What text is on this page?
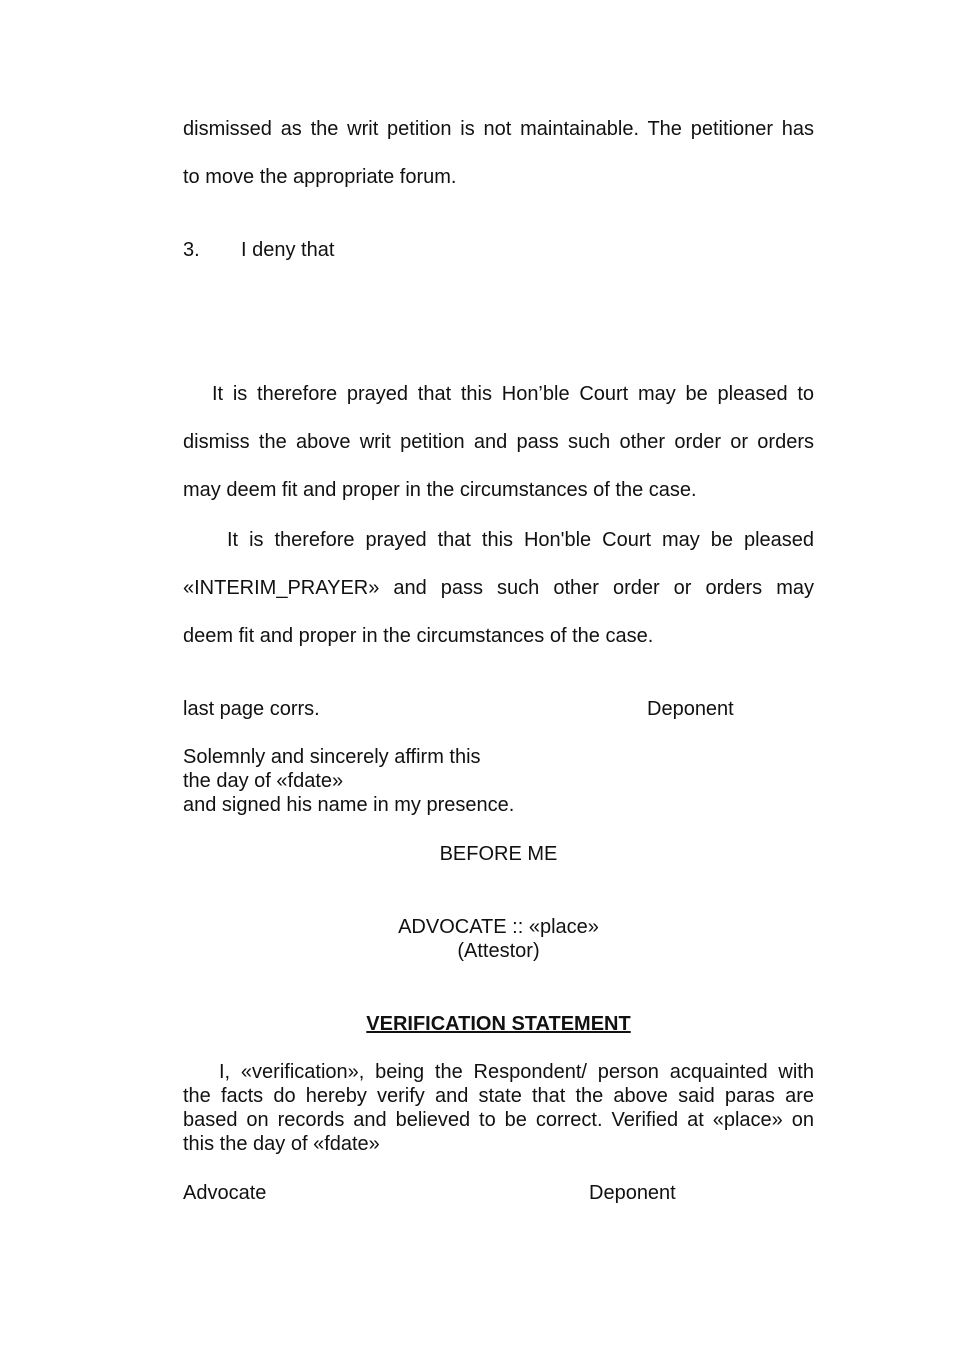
dismissed as the writ petition is not maintainable. The petitioner has
to move the appropriate forum.

3. I deny that

It is therefore prayed that this Hon’ble Court may be pleased to
dismiss the above writ petition and pass such other order or orders
may deem fit and proper in the circumstances of the case.
It is therefore prayed that this Hon'ble Court may be pleased
«INTERIM_PRAYER» and pass such other order or orders may
deem fit and proper in the circumstances of the case.

last page corrs.	Deponent

Solemnly and sincerely affirm this
the day of «fdate»
and signed his name in my presence.

BEFORE ME

ADVOCATE :: «place»

(Attestor)

VERIFICATION STATEMENT

I, «verification», being the Respondent/ person acquainted with
the facts do hereby verify and state that the above said paras are
based on records and believed to be correct. Verified at «place» on
this the day of «fdate»

Advocate	Deponent
